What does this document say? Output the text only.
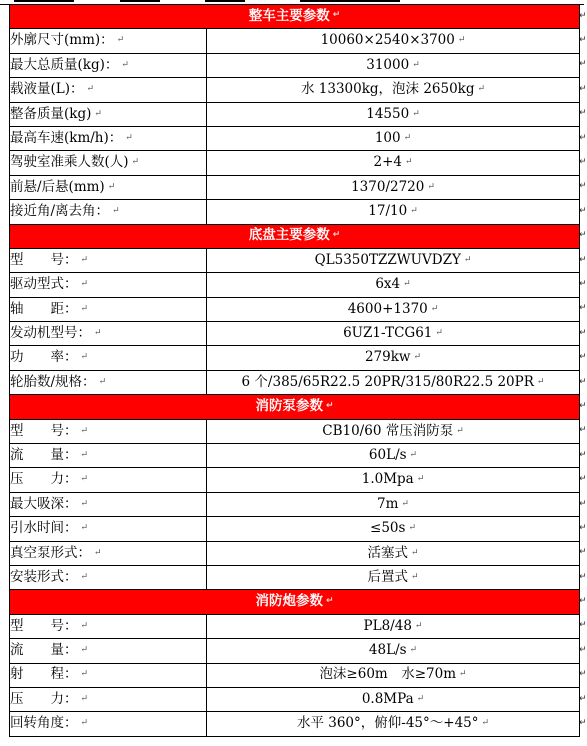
整车主要参数 ↵	
外廓尺寸(mm)： ↵	10060×2540×3700 ↵
最大总质量(kg)： ↵	31000 ↵
载液量(L)： ↵	水 13300kg，泡沫 2650kg ↵
整备质量(kg) ↵	14550 ↵
最高车速(km/h)： ↵	100 ↵
驾驶室准乘人数(人) ↵	2+4 ↵
前悬/后悬(mm) ↵	1370/2720 ↵
接近角/离去角： ↵	17/10 ↵
底盘主要参数 ↵	
型　　号： ↵	QL5350TZZWUVDZY ↵
驱动型式： ↵	6x4 ↵
轴　　距： ↵	4600+1370 ↵
发动机型号： ↵	6UZ1-TCG61 ↵
功　　率： ↵	279kw ↵
轮胎数/规格： ↵	6 个/385/65R22.5 20PR/315/80R22.5 20PR ↵
消防泵参数 ↵	
型　　号： ↵	CB10/60 常压消防泵 ↵
流　　量： ↵	60L/s ↵
压　　力： ↵	1.0Mpa ↵
最大吸深： ↵	7m ↵
引水时间： ↵	≤50s ↵
真空泵形式： ↵	活塞式 ↵
安装形式： ↵	后置式 ↵
消防炮参数 ↵	
型　　号： ↵	PL8/48 ↵
流　　量： ↵	48L/s ↵
射　　程： ↵	泡沫≥60m　水≥70m ↵
压　　力： ↵	0.8MPa ↵
回转角度： ↵	水平 360°，俯仰-45°～+45° ↵
↵
↵
↵
↵
↵
↵
↵
↵
↵
↵
↵
↵
↵
↵
↵
↵
↵
↵
↵
↵
↵
↵
↵
↵
↵
↵
↵
↵
↵
↵
